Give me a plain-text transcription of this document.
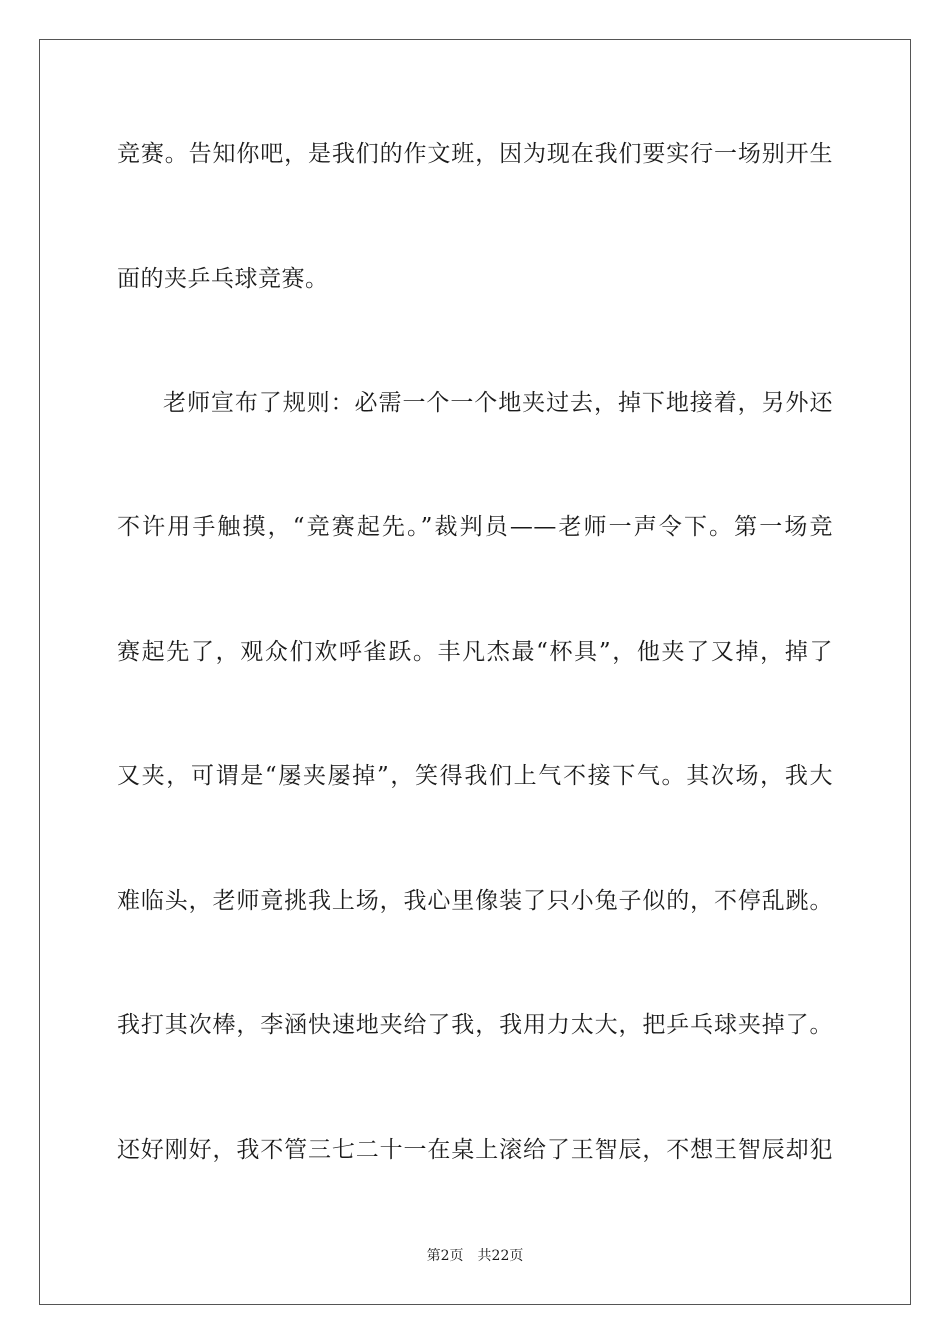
竞赛。告知你吧，是我们的作文班，因为现在我们要实行一场别开生
面的夹乒乓球竞赛。
老师宣布了规则：必需一个一个地夹过去，掉下地接着，另外还
不许用手触摸，“竞赛起先。”裁判员——老师一声令下。第一场竞
赛起先了，观众们欢呼雀跃。丰凡杰最“杯具”，他夹了又掉，掉了
又夹，可谓是“屡夹屡掉”，笑得我们上气不接下气。其次场，我大
难临头，老师竟挑我上场，我心里像装了只小兔子似的，不停乱跳。
我打其次棒，李涵快速地夹给了我，我用力太大，把乒乓球夹掉了。
还好刚好，我不管三七二十一在桌上滚给了王智辰，不想王智辰却犯
第2页 共22页
